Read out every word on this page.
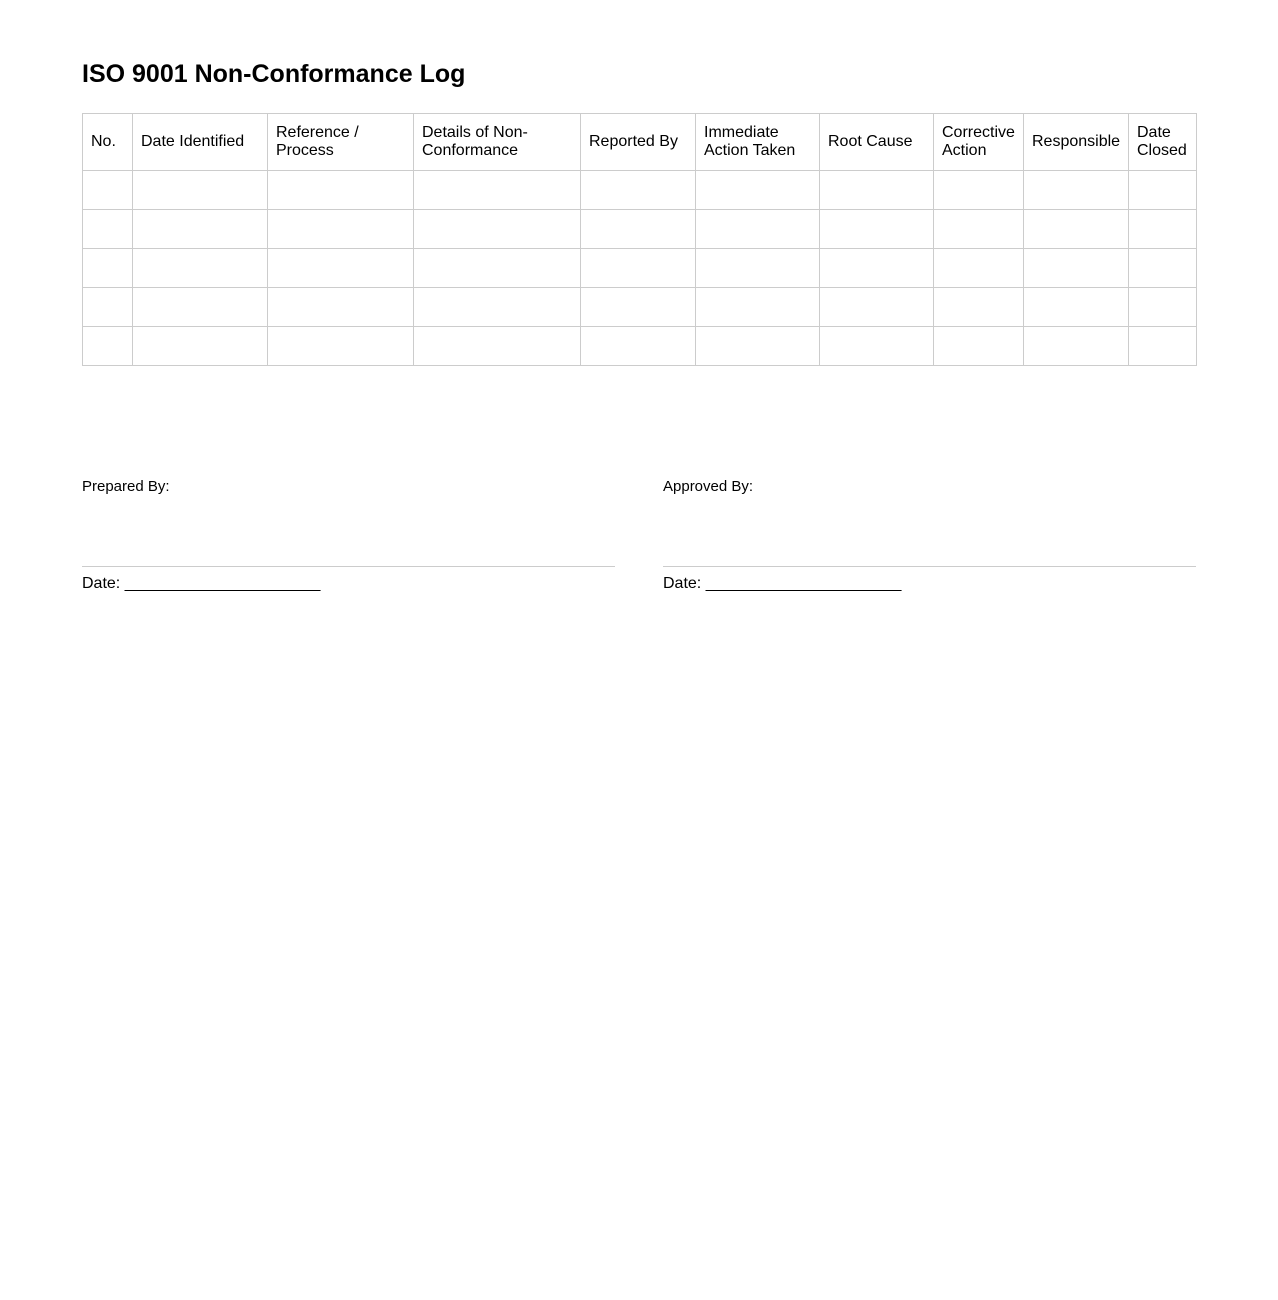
ISO 9001 Non-Conformance Log
No.	Date Identified	Reference / Process	Details of Non-Conformance	Reported By	Immediate Action Taken	Root Cause	Corrective Action	Responsible	Date Closed

Prepared By:
Date: ______________________
Approved By:
Date: ______________________
